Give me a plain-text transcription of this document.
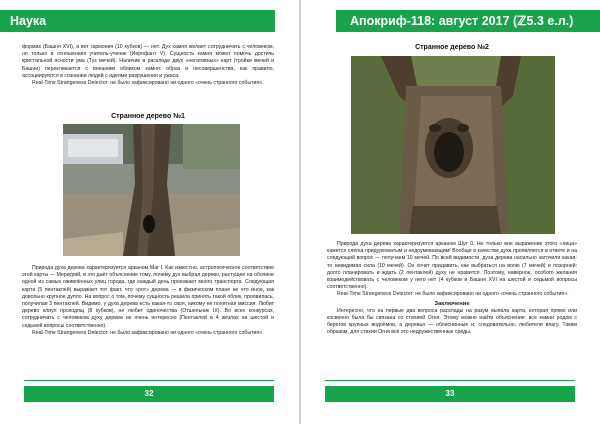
Наука

формах (Башня XVI), а вот гармония (10 кубков) — нет. Дух камня желает сотрудничать с человеком, но только в отношениях учитель-ученик (Иерофант V). Сущность камня может помочь достичь кристальной ясности ума (Туз мечей). Наличие в раскладе двух «негативных» карт (тройки мечей и Башни) перекликается с внешним обликом камня: образ и несовершенства, как правило, ассоциируются в сознании людей с идеями разрушения и ужаса.

Real-Time Strangeness Detector: не было зафиксировано ни одного «очень странного события».

Странное дерево №1

Природа духа дерева характеризуется арканом Маг I. Как известно, астрологическое соответствие этой карты — Меркурий, и это даёт объяснение тому, почему дух выбрал дерево, растущее на обочине одной из самых оживлённых улиц города, где каждый день проезжает много транспорта. Следующая карта (5 пентаклей) выражает тот факт, что «рот» дерева — в физическом плане не что иное, как довольно крупное дупло. На вопрос о том, почему сущность решила принять такой облик, проявилась, получилая 3 пентаклей. Видимо, у духа дерева есть какая-то своя, никому не понятная миссия. Любит дерево клиул проходящ (8 кубков), не любит одиночества (Отшельник IX). Во всех конкурсах, сотрудничать с человеком духу дерева не очень интересно (Пентаклей в 4 жезлах на шестой и седьмой вопросы соответственно).

Real-Time Strangeness Detector: не было зафиксировано ни одного «очень странного события».

32
Апокриф-118: август 2017 (ℤ5.3 е.л.)
Странное дерево №2

Природа духа дерева характеризуется арканом Шут 0. Не только вне выражение этого «лица» кажется слегка придурковатым и недоумевающим! Вообще в качестве духа проявляется в ответе и на следующий вопрос — получаем 10 мечей. По всей видимости, духа дерева насильно заточили какая-то невидимая сила (10 мечей). Он хочет придавить, как выбраться на волю (7 мечей) и позорней: долго планировать и ждать (2 пентаклей) духу не нравится. Поэтому, наверное, особого желания взаимодействовать с человеком у него нет (4 кубков и Башня XVI на шестой и седьмой вопросы соответственно).

Real-Time Strangeness Detector: не было зафиксировано ни одного «очень странного события».

Заключение

Интересно, что на первые два вопроса расклады на разум выпала карта, которая прямо или косвенно была бы связана со стихией Огня. Этому можно найти объяснение: все камни родом с берегов крупных водоёмов, а деревья — облиснинные и, следовательно, любители влагу. Таким образом, для стихии Огня всё это недружественные среды.

33
